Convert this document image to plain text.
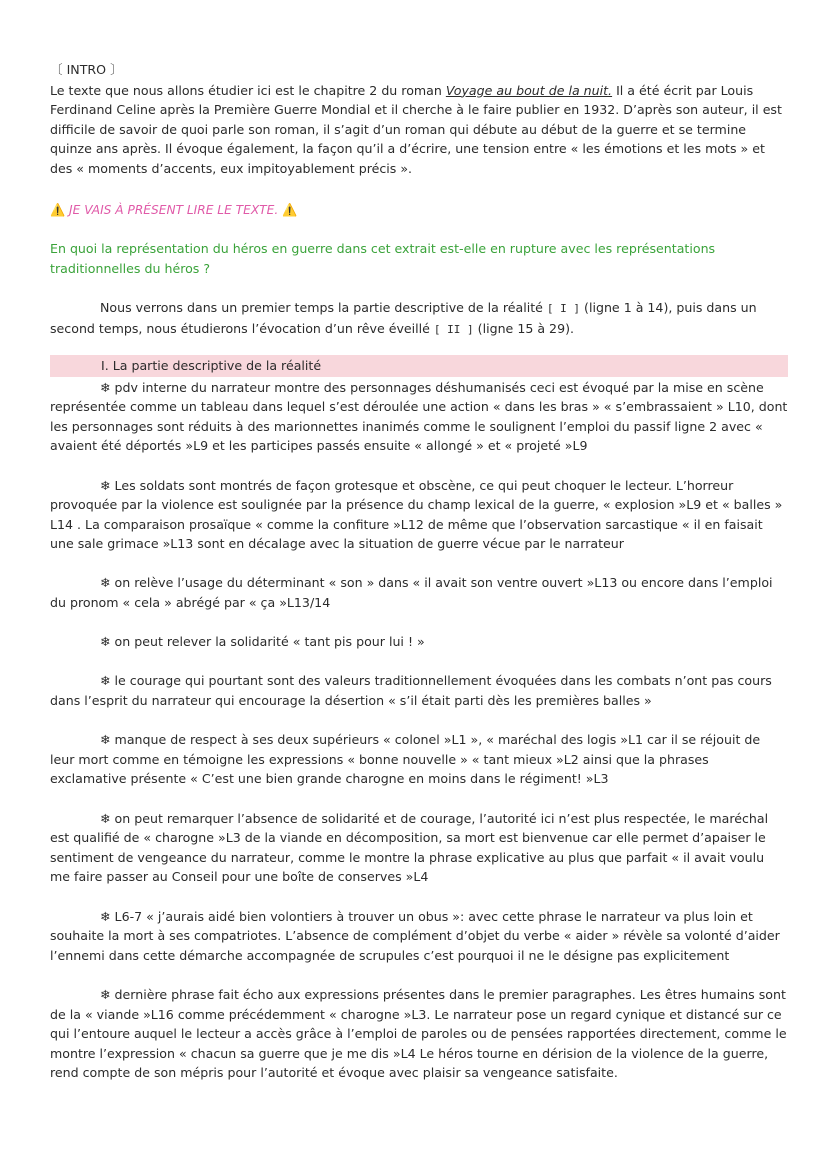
〔 INTRO 〕

Le texte que nous allons étudier ici est le chapitre 2 du roman Voyage au bout de la nuit. Il a été écrit par Louis Ferdinand Celine après la Première Guerre Mondial et il cherche à le faire publier en 1932. D’après son auteur, il est difficile de savoir de quoi parle son roman, il s’agit d’un roman qui débute au début de la guerre et se termine quinze ans après. Il évoque également, la façon qu’il a d’écrire, une tension entre « les émotions et les mots » et des « moments d’accents, eux impitoyablement précis ».

⚠️ JE VAIS À PRÉSENT LIRE LE TEXTE. ⚠️

En quoi la représentation du héros en guerre dans cet extrait est-elle en rupture avec les représentations traditionnelles du héros ?

Nous verrons dans un premier temps la partie descriptive de la réalité [ I ] (ligne 1 à 14), puis dans un second temps, nous étudierons l’évocation d’un rêve éveillé [ II ] (ligne 15 à 29).

I. La partie descriptive de la réalité

❄ pdv interne du narrateur montre des personnages déshumanisés ceci est évoqué par la mise en scène représentée comme un tableau dans lequel s’est déroulée une action « dans les bras » « s’embrassaient » L10, dont les personnages sont réduits à des marionnettes inanimés comme le soulignent l’emploi du passif ligne 2 avec « avaient été déportés »L9 et les participes passés ensuite « allongé » et « projeté »L9

❄ Les soldats sont montrés de façon grotesque et obscène, ce qui peut choquer le lecteur. L’horreur provoquée par la violence est soulignée par la présence du champ lexical de la guerre, « explosion »L9 et « balles » L14 . La comparaison prosaïque « comme la confiture »L12 de même que l’observation sarcastique « il en faisait une sale grimace »L13 sont en décalage avec la situation de guerre vécue par le narrateur

❄ on relève l’usage du déterminant « son » dans « il avait son ventre ouvert »L13 ou encore dans l’emploi du pronom « cela » abrégé par « ça »L13/14

❄ on peut relever la solidarité « tant pis pour lui ! »

❄ le courage qui pourtant sont des valeurs traditionnellement évoquées dans les combats n’ont pas cours dans l’esprit du narrateur qui encourage la désertion « s’il était parti dès les premières balles »

❄ manque de respect à ses deux supérieurs « colonel »L1 », « maréchal des logis »L1 car il se réjouit de leur mort comme en témoigne les expressions « bonne nouvelle » « tant mieux »L2 ainsi que la phrases exclamative présente « C’est une bien grande charogne en moins dans le régiment! »L3

❄ on peut remarquer l’absence de solidarité et de courage, l’autorité ici n’est plus respectée, le maréchal est qualifié de « charogne »L3 de la viande en décomposition, sa mort est bienvenue car elle permet d’apaiser le sentiment de vengeance du narrateur, comme le montre la phrase explicative au plus que parfait « il avait voulu me faire passer au Conseil pour une boîte de conserves »L4

❄ L6-7 « j’aurais aidé bien volontiers à trouver un obus »: avec cette phrase le narrateur va plus loin et souhaite la mort à ses compatriotes. L’absence de complément d’objet du verbe « aider » révèle sa volonté d’aider l’ennemi dans cette démarche accompagnée de scrupules c’est pourquoi il ne le désigne pas explicitement

❄ dernière phrase fait écho aux expressions présentes dans le premier paragraphes. Les êtres humains sont de la « viande »L16 comme précédemment « charogne »L3. Le narrateur pose un regard cynique et distancé sur ce qui l’entoure auquel le lecteur a accès grâce à l’emploi de paroles ou de pensées rapportées directement, comme le montre l’expression « chacun sa guerre que je me dis »L4 Le héros tourne en dérision de la violence de la guerre, rend compte de son mépris pour l’autorité et évoque avec plaisir sa vengeance satisfaite.
